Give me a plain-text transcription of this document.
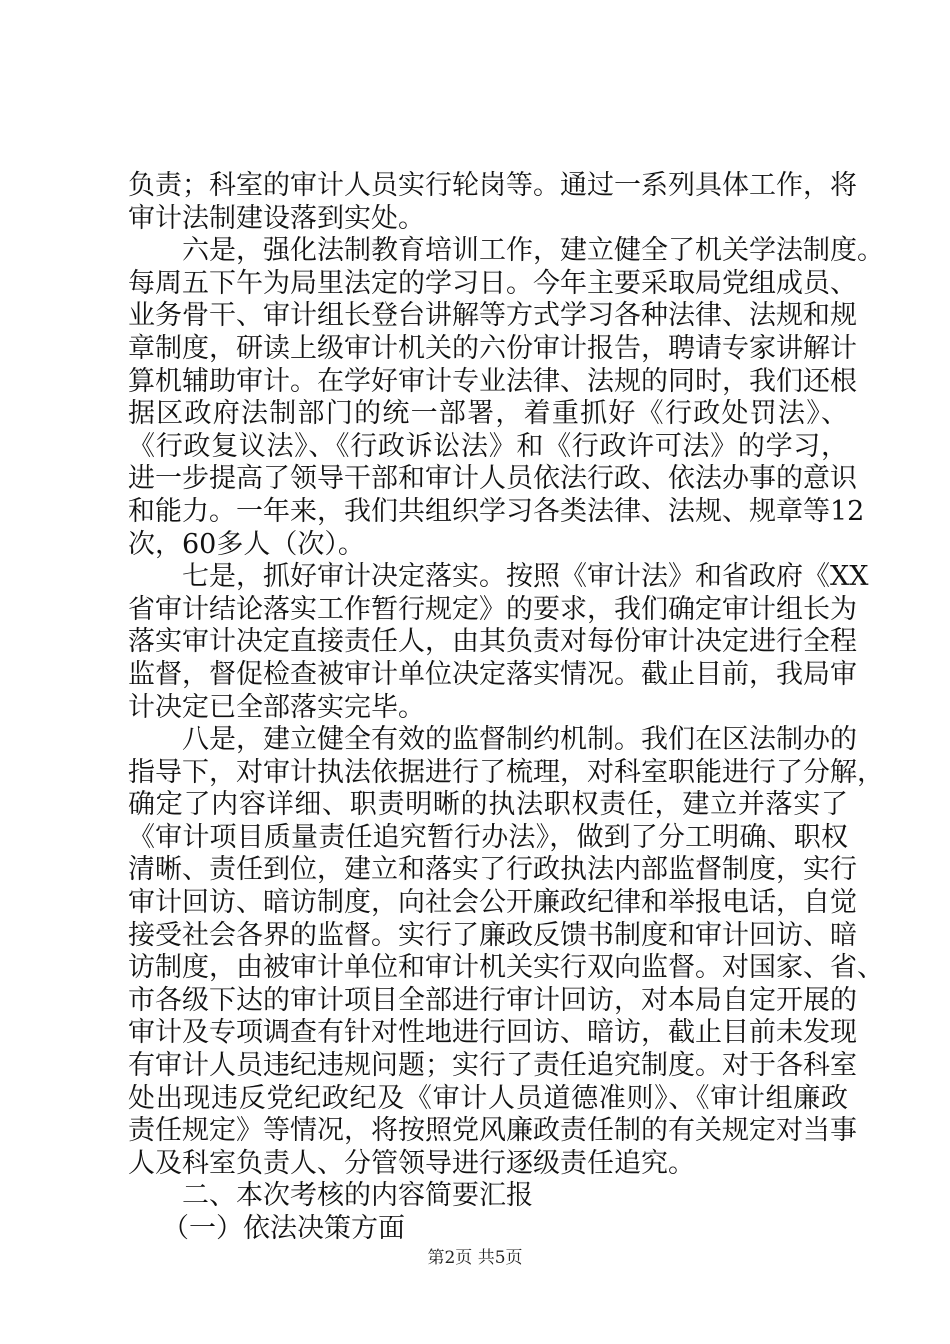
负责；科室的审计人员实行轮岗等。通过一系列具体工作，将
审计法制建设落到实处。
六是，强化法制教育培训工作，建立健全了机关学法制度。
每周五下午为局里法定的学习日。今年主要采取局党组成员、
业务骨干、审计组长登台讲解等方式学习各种法律、法规和规
章制度，研读上级审计机关的六份审计报告，聘请专家讲解计
算机辅助审计。在学好审计专业法律、法规的同时，我们还根
据区政府法制部门的统一部署，着重抓好《行政处罚法》、
《行政复议法》、《行政诉讼法》和《行政许可法》的学习，
进一步提高了领导干部和审计人员依法行政、依法办事的意识
和能力。一年来，我们共组织学习各类法律、法规、规章等12
次，60多人（次）。
七是，抓好审计决定落实。按照《审计法》和省政府《XX
省审计结论落实工作暂行规定》的要求，我们确定审计组长为
落实审计决定直接责任人，由其负责对每份审计决定进行全程
监督，督促检查被审计单位决定落实情况。截止目前，我局审
计决定已全部落实完毕。
八是，建立健全有效的监督制约机制。我们在区法制办的
指导下，对审计执法依据进行了梳理，对科室职能进行了分解，
确定了内容详细、职责明晰的执法职权责任，建立并落实了
《审计项目质量责任追究暂行办法》，做到了分工明确、职权
清晰、责任到位，建立和落实了行政执法内部监督制度，实行
审计回访、暗访制度，向社会公开廉政纪律和举报电话，自觉
接受社会各界的监督。实行了廉政反馈书制度和审计回访、暗
访制度，由被审计单位和审计机关实行双向监督。对国家、省、
市各级下达的审计项目全部进行审计回访，对本局自定开展的
审计及专项调查有针对性地进行回访、暗访，截止目前未发现
有审计人员违纪违规问题；实行了责任追究制度。对于各科室
处出现违反党纪政纪及《审计人员道德准则》、《审计组廉政
责任规定》等情况，将按照党风廉政责任制的有关规定对当事
人及科室负责人、分管领导进行逐级责任追究。
二、本次考核的内容简要汇报
（一）依法决策方面
第2页 共5页
